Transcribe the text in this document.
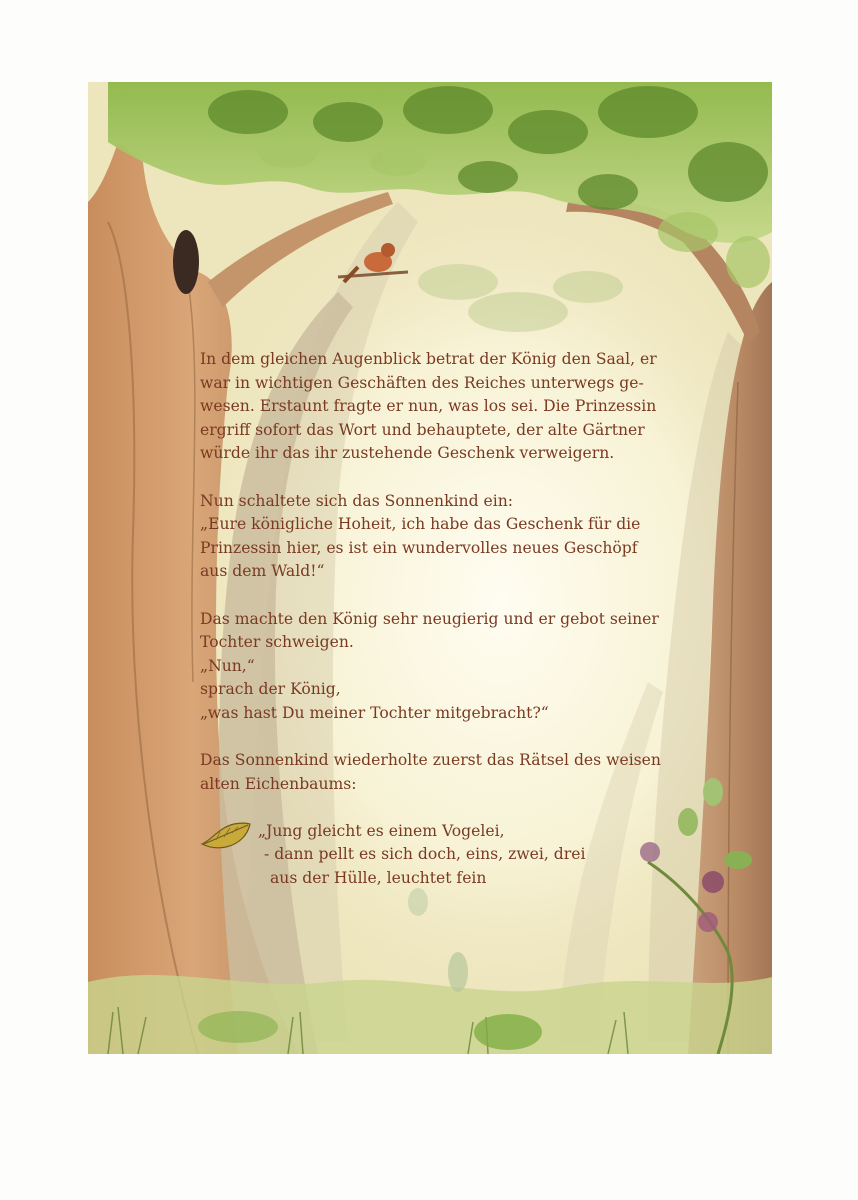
In dem gleichen Augenblick betrat der König den Saal, er
war in wichtigen Geschäften des Reiches unterwegs ge-
wesen. Erstaunt fragte er nun, was los sei. Die Prinzessin
ergriff sofort das Wort und behauptete, der alte Gärtner
würde ihr das ihr zustehende Geschenk verweigern.
Nun schaltete sich das Sonnenkind ein:
„Eure königliche Hoheit, ich habe das Geschenk für die
Prinzessin hier, es ist ein wundervolles neues Geschöpf
aus dem Wald!“
Das machte den König sehr neugierig und er gebot seiner
Tochter schweigen.
„Nun,“
sprach der König,
„was hast Du meiner Tochter mitgebracht?“
Das Sonnenkind wiederholte zuerst das Rätsel des weisen
alten Eichenbaums:
„Jung gleicht es einem Vogelei,
- dann pellt es sich doch, eins, zwei, drei
aus der Hülle, leuchtet fein
